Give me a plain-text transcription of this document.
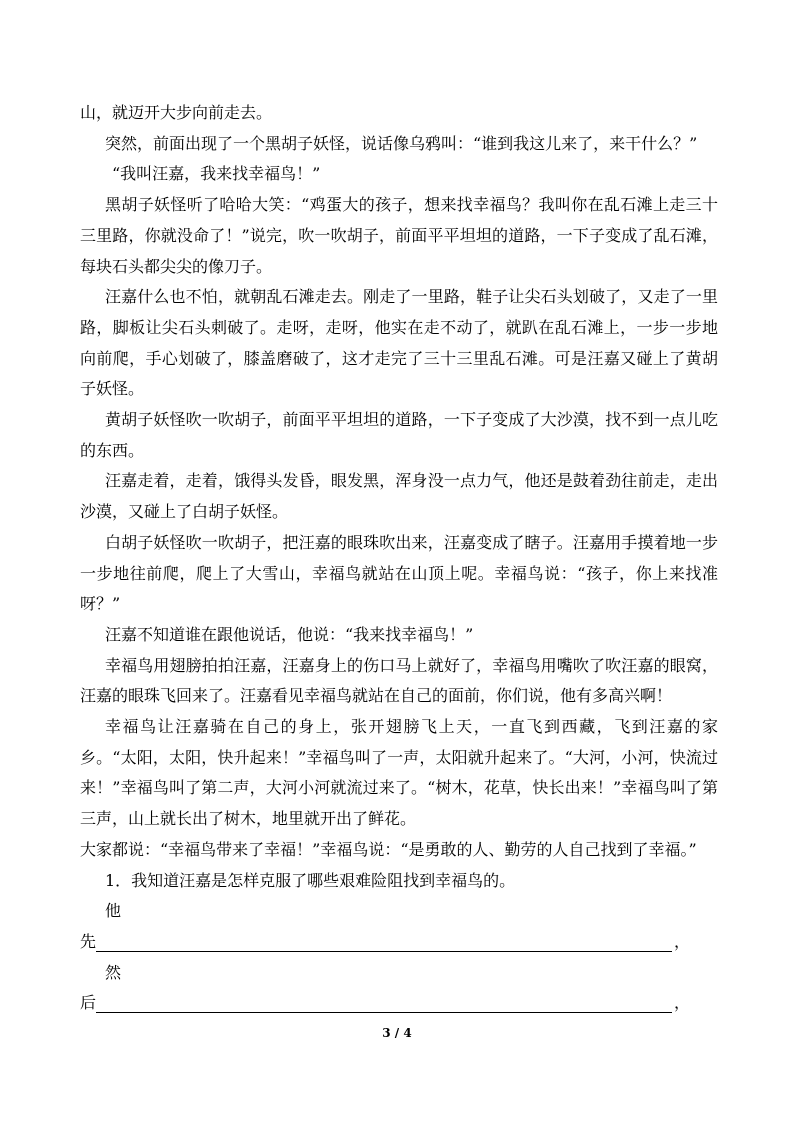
山，就迈开大步向前走去。

突然，前面出现了一个黑胡子妖怪，说话像乌鸦叫：“谁到我这儿来了，来干什么？”

“我叫汪嘉，我来找幸福鸟！”

黑胡子妖怪听了哈哈大笑：“鸡蛋大的孩子，想来找幸福鸟？我叫你在乱石滩上走三十三里路，你就没命了！”说完，吹一吹胡子，前面平平坦坦的道路，一下子变成了乱石滩，每块石头都尖尖的像刀子。

汪嘉什么也不怕，就朝乱石滩走去。刚走了一里路，鞋子让尖石头划破了，又走了一里路，脚板让尖石头刺破了。走呀，走呀，他实在走不动了，就趴在乱石滩上，一步一步地向前爬，手心划破了，膝盖磨破了，这才走完了三十三里乱石滩。可是汪嘉又碰上了黄胡子妖怪。

黄胡子妖怪吹一吹胡子，前面平平坦坦的道路，一下子变成了大沙漠，找不到一点儿吃的东西。

汪嘉走着，走着，饿得头发昏，眼发黑，浑身没一点力气，他还是鼓着劲往前走，走出沙漠，又碰上了白胡子妖怪。

白胡子妖怪吹一吹胡子，把汪嘉的眼珠吹出来，汪嘉变成了瞎子。汪嘉用手摸着地一步一步地往前爬，爬上了大雪山，幸福鸟就站在山顶上呢。幸福鸟说：“孩子，你上来找准呀？”

汪嘉不知道谁在跟他说话，他说：“我来找幸福鸟！”

幸福鸟用翅膀拍拍汪嘉，汪嘉身上的伤口马上就好了，幸福鸟用嘴吹了吹汪嘉的眼窝，汪嘉的眼珠飞回来了。汪嘉看见幸福鸟就站在自己的面前，你们说，他有多高兴啊！

幸福鸟让汪嘉骑在自己的身上，张开翅膀飞上天，一直飞到西藏，飞到汪嘉的家乡。“太阳，太阳，快升起来！”幸福鸟叫了一声，太阳就升起来了。“大河，小河，快流过来！”幸福鸟叫了第二声，大河小河就流过来了。“树木，花草，快长出来！”幸福鸟叫了第三声，山上就长出了树木，地里就开出了鲜花。

大家都说：“幸福鸟带来了幸福！”幸福鸟说：“是勇敢的人、勤劳的人自己找到了幸福。”

1．我知道汪嘉是怎样克服了哪些艰难险阻找到幸福鸟的。

他

先	，

然

后	，
3 / 4
